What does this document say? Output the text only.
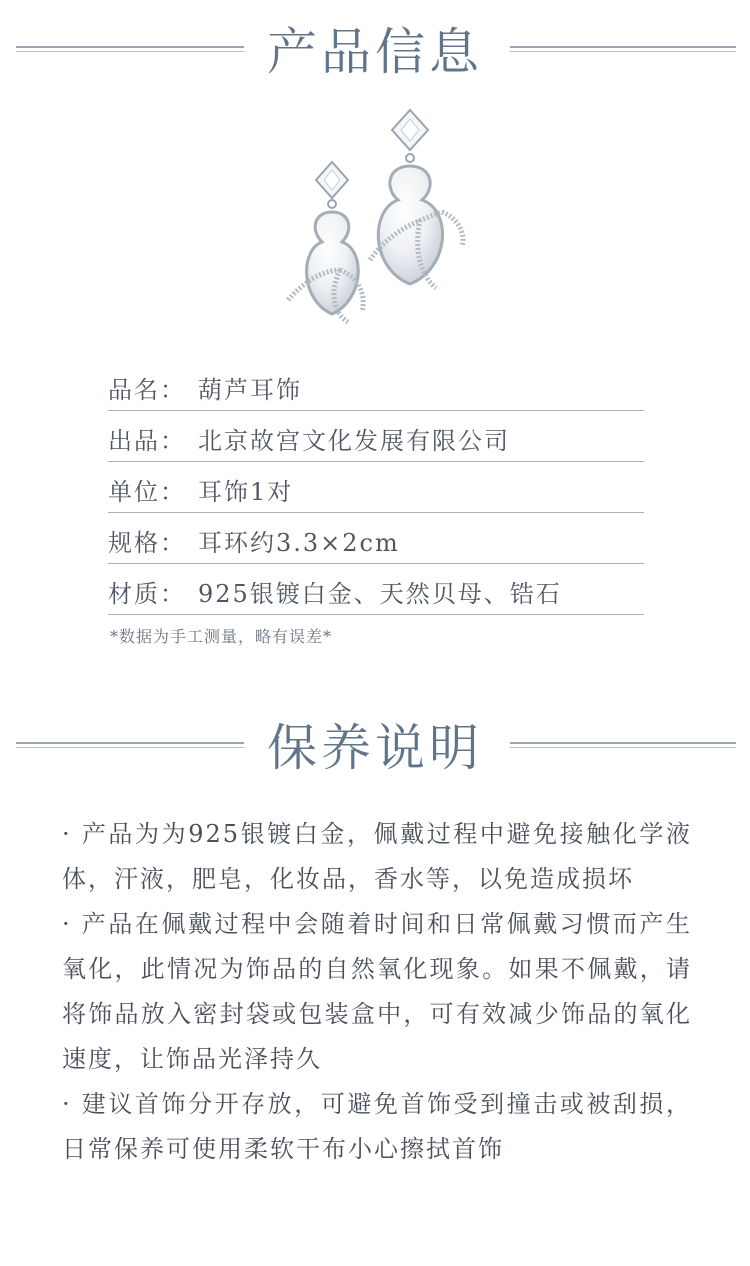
产品信息
品名： 葫芦耳饰
出品： 北京故宫文化发展有限公司
单位： 耳饰1对
规格： 耳环约3.3×2cm
材质： 925银镀白金、天然贝母、锆石
*数据为手工测量，略有误差*
保养说明

· 产品为为925银镀白金，佩戴过程中避免接触化学液体，汗液，肥皂，化妆品，香水等，以免造成损坏

· 产品在佩戴过程中会随着时间和日常佩戴习惯而产生氧化，此情况为饰品的自然氧化现象。如果不佩戴，请将饰品放入密封袋或包装盒中，可有效减少饰品的氧化速度，让饰品光泽持久

· 建议首饰分开存放，可避免首饰受到撞击或被刮损，日常保养可使用柔软干布小心擦拭首饰
